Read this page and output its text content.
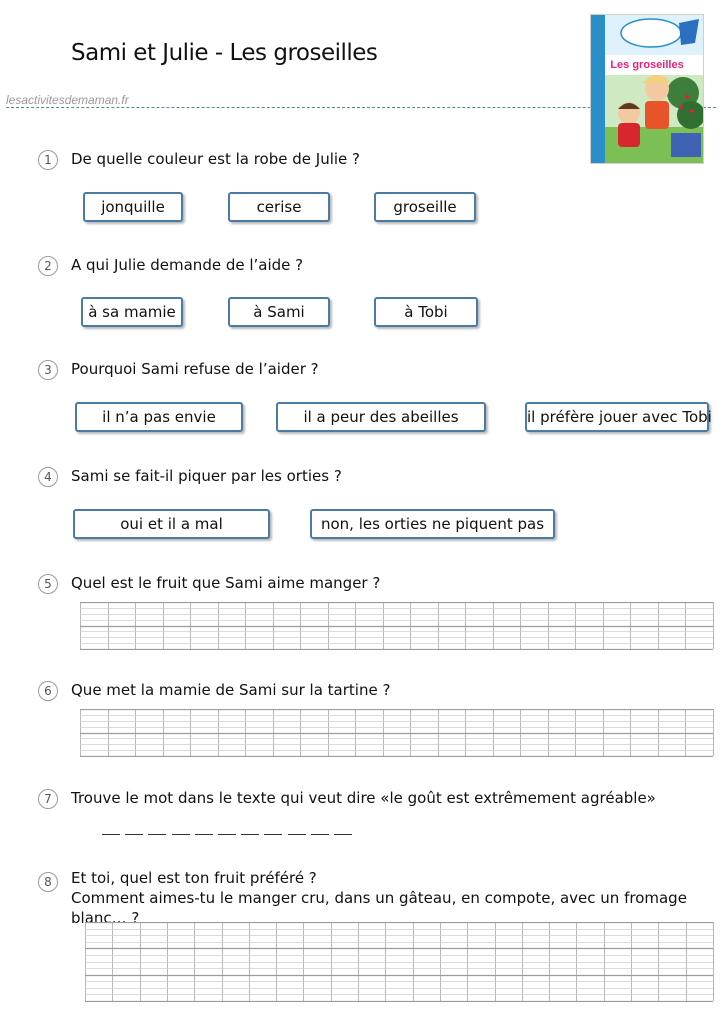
Sami et Julie - Les groseilles
lesactivitesdemaman.fr
Les groseilles
1	De quelle couleur est la robe de Julie ?
jonquille	cerise	groseille
2	A qui Julie demande de l’aide ?
à sa mamie	à Sami	à Tobi
3	Pourquoi Sami refuse de l’aider ?
il n’a pas envie	il a peur des abeilles	il préfère jouer avec Tobi
4	Sami se fait-il piquer par les orties ?
oui et il a mal	non, les orties ne piquent pas
5	Quel est le fruit que Sami aime manger ?
6	Que met la mamie de Sami sur la tartine ?
7	Trouve le mot dans le texte qui veut dire «le goût est extrêmement agréable»
8	Et toi, quel est ton fruit préféré ?
Comment aimes-tu le manger cru, dans un gâteau, en compote, avec un fromage blanc… ?
